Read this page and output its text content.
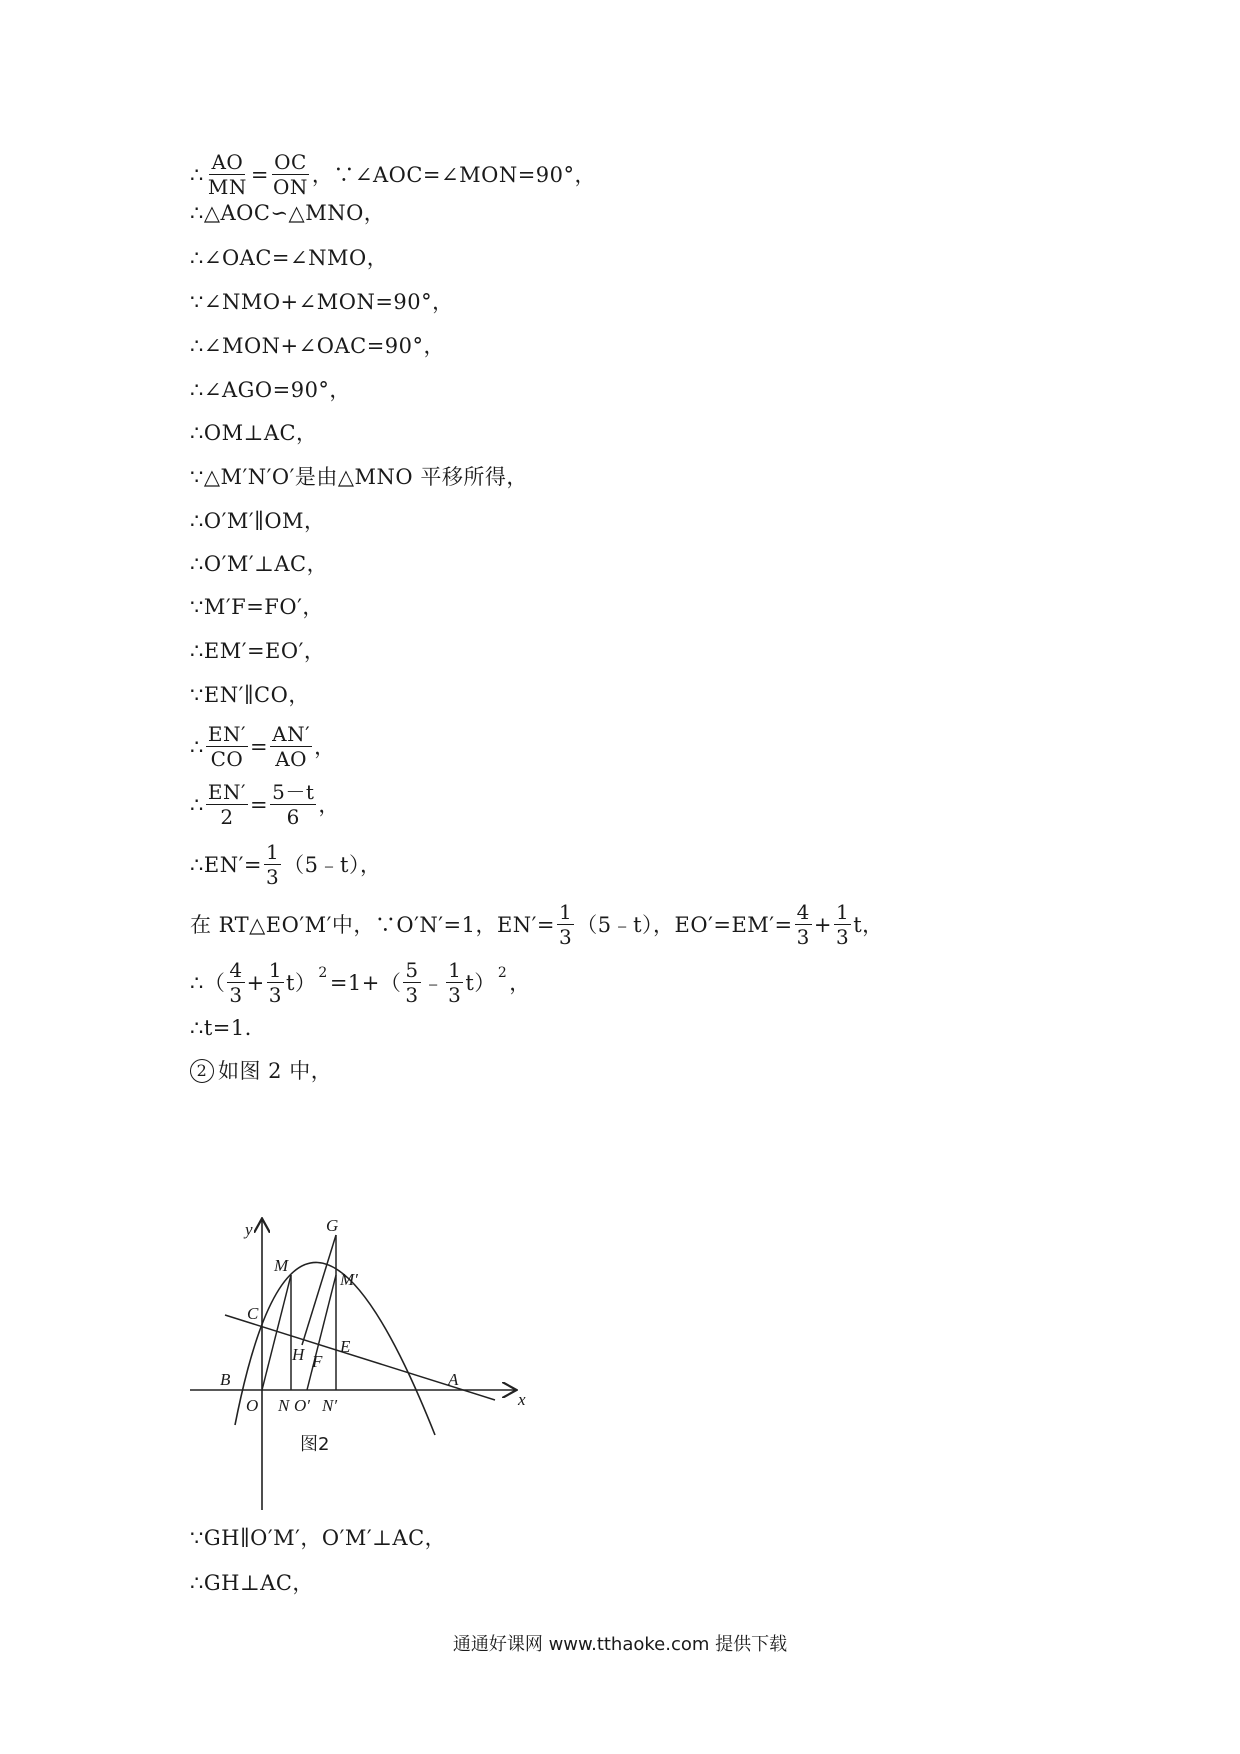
∴ $\frac{AO}{MN} = \frac{OC}{ON}$ ，∵∠AOC=∠MON=90°，
∴△AOC∽△MNO，
∴∠OAC=∠NMO，
∵∠NMO+∠MON=90°，
∴∠MON+∠OAC=90°，
∴∠AGO=90°，
∴OM⊥AC，
∵△M′N′O′是由△MNO 平移所得，
∴O′M′∥OM，
∴O′M′⊥AC，
∵M′F=FO′，
∴EM′=EO′，
∵EN′∥CO，
∴ $\frac{EN'}{CO} = \frac{AN'}{AO}$ ，
∴ $\frac{EN'}{2} = \frac{5-t}{6}$ ，
∴EN′= $\frac{1}{3}$ （5﹣t），
在 RT△EO′M′中，∵O′N′=1，$EN'= \frac{1}{3}$ （5﹣t），$EO'=EM'= \frac{4}{3} + \frac{1}{3}$ t，
∴（ $\frac{4}{3} + \frac{1}{3} t$） $2 =1+( \frac{5}{3}$ ﹣ $\frac{1}{3} t$） 2 ，
∴t=1．
2 如图 2 中，
y
x
G
M
M′
C
E
H F
B	A
O N O′ N′
图2
∵GH∥O′M′，O′M′⊥AC，
∴GH⊥AC，
通通好课网 www.tthaoke.com 提供下载
